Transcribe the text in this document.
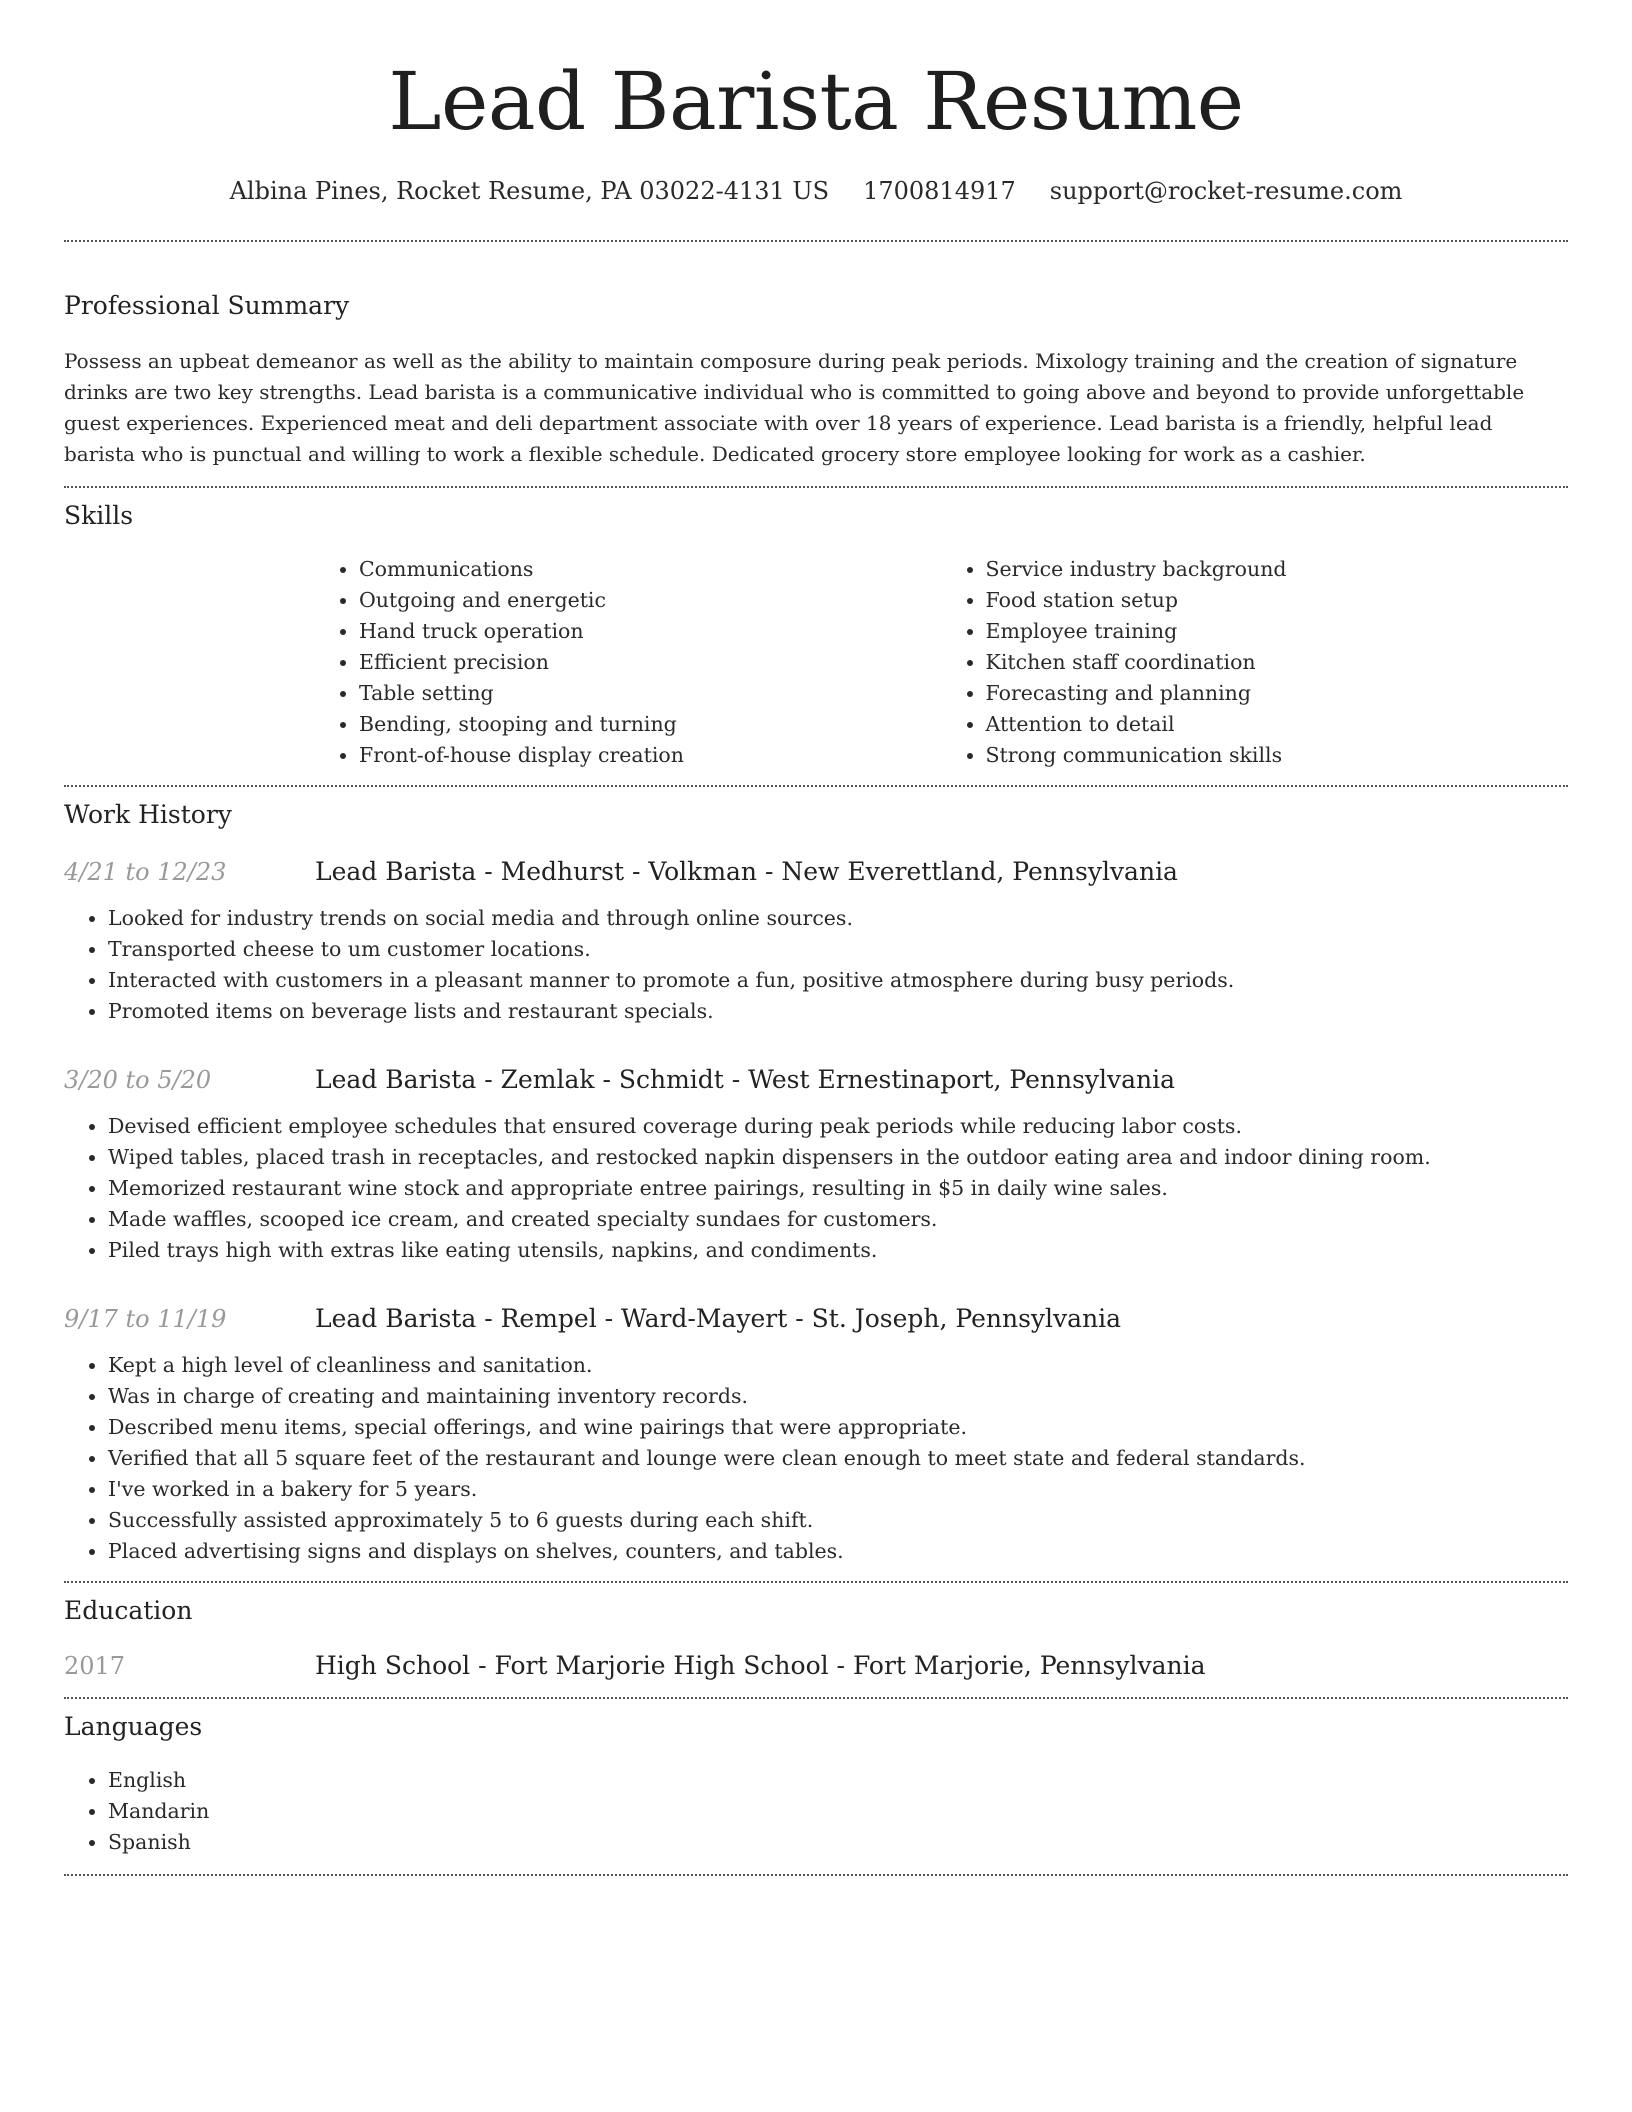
Lead Barista Resume
Albina Pines, Rocket Resume, PA 03022-4131 US 1700814917 support@rocket-resume.com
Professional Summary

Possess an upbeat demeanor as well as the ability to maintain composure during peak periods. Mixology training and the creation of signature drinks are two key strengths. Lead barista is a communicative individual who is committed to going above and beyond to provide unforgettable guest experiences. Experienced meat and deli department associate with over 18 years of experience. Lead barista is a friendly, helpful lead barista who is punctual and willing to work a flexible schedule. Dedicated grocery store employee looking for work as a cashier.

Skills
• Communications
• Outgoing and energetic
• Hand truck operation
• Efficient precision
• Table setting
• Bending, stooping and turning
• Front-of-house display creation
• Service industry background
• Food station setup
• Employee training
• Kitchen staff coordination
• Forecasting and planning
• Attention to detail
• Strong communication skills
Work History
4/21 to 12/23	Lead Barista - Medhurst - Volkman - New Everettland, Pennsylvania
• Looked for industry trends on social media and through online sources.
• Transported cheese to um customer locations.
• Interacted with customers in a pleasant manner to promote a fun, positive atmosphere during busy periods.
• Promoted items on beverage lists and restaurant specials.
3/20 to 5/20	Lead Barista - Zemlak - Schmidt - West Ernestinaport, Pennsylvania
• Devised efficient employee schedules that ensured coverage during peak periods while reducing labor costs.
• Wiped tables, placed trash in receptacles, and restocked napkin dispensers in the outdoor eating area and indoor dining room.
• Memorized restaurant wine stock and appropriate entree pairings, resulting in $5 in daily wine sales.
• Made waffles, scooped ice cream, and created specialty sundaes for customers.
• Piled trays high with extras like eating utensils, napkins, and condiments.
9/17 to 11/19	Lead Barista - Rempel - Ward-Mayert - St. Joseph, Pennsylvania
• Kept a high level of cleanliness and sanitation.
• Was in charge of creating and maintaining inventory records.
• Described menu items, special offerings, and wine pairings that were appropriate.
• Verified that all 5 square feet of the restaurant and lounge were clean enough to meet state and federal standards.
• I've worked in a bakery for 5 years.
• Successfully assisted approximately 5 to 6 guests during each shift.
• Placed advertising signs and displays on shelves, counters, and tables.
Education
2017	High School - Fort Marjorie High School - Fort Marjorie, Pennsylvania
Languages
• English
• Mandarin
• Spanish
